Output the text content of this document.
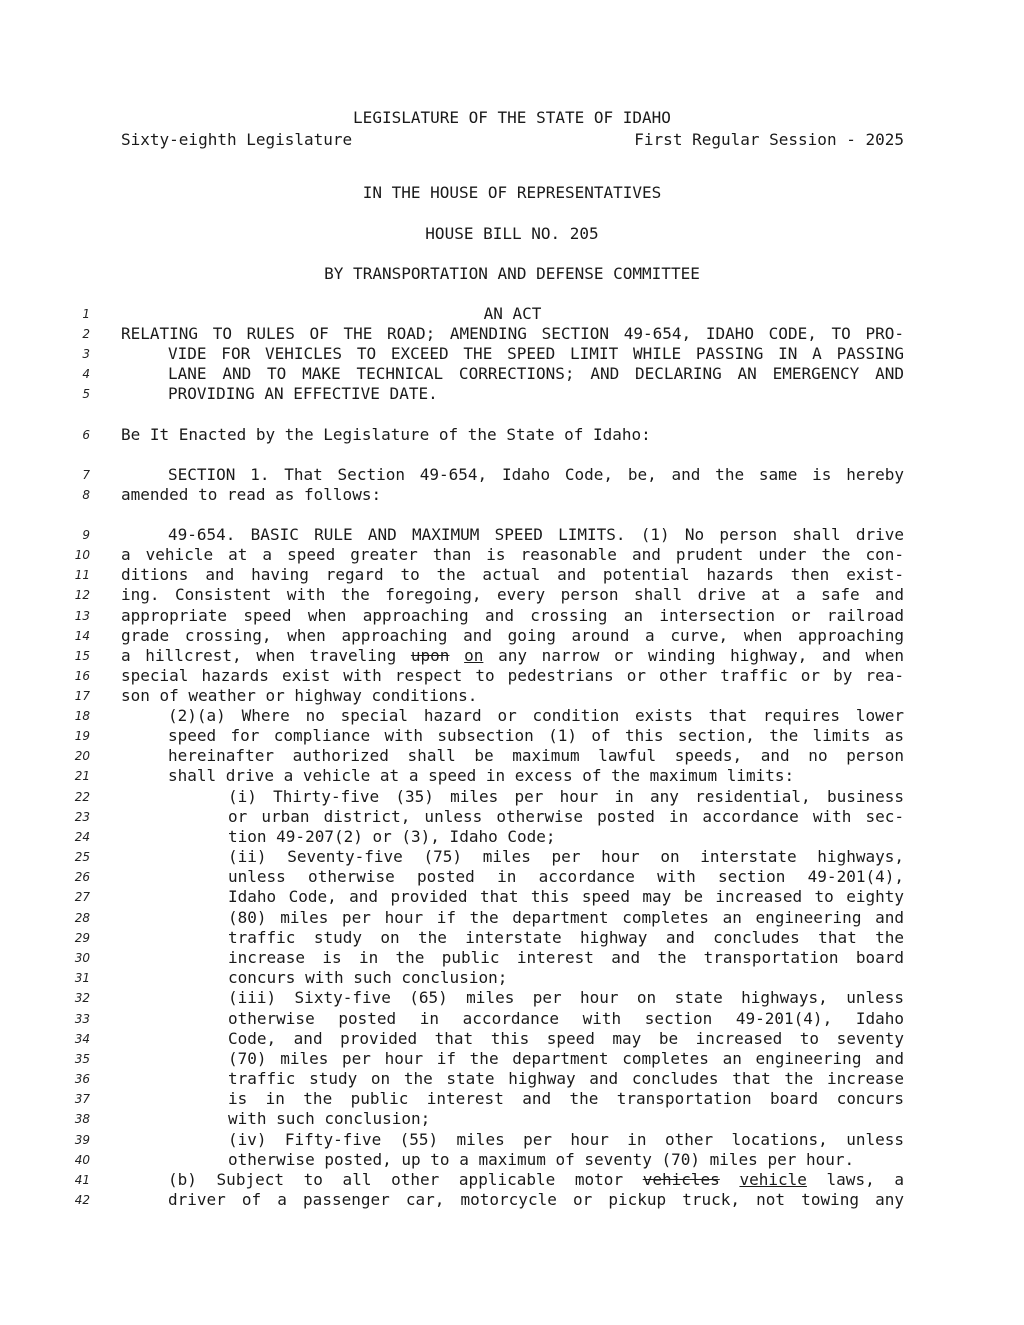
LEGISLATURE OF THE STATE OF IDAHO
Sixty-eighth Legislature	First Regular Session - 2025
IN THE HOUSE OF REPRESENTATIVES
HOUSE BILL NO. 205
BY TRANSPORTATION AND DEFENSE COMMITTEE
1	AN ACT
2 RELATING TO RULES OF THE ROAD; AMENDING SECTION 49-654, IDAHO CODE, TO PRO-
3	VIDE FOR VEHICLES TO EXCEED THE SPEED LIMIT WHILE PASSING IN A PASSING
4	LANE AND TO MAKE TECHNICAL CORRECTIONS; AND DECLARING AN EMERGENCY AND
5	PROVIDING AN EFFECTIVE DATE.
6 Be It Enacted by the Legislature of the State of Idaho:
7	SECTION 1. That Section 49-654, Idaho Code, be, and the same is hereby
8 amended to read as follows:
9	49-654. BASIC RULE AND MAXIMUM SPEED LIMITS. (1) No person shall drive
10 a vehicle at a speed greater than is reasonable and prudent under the con-
11 ditions and having regard to the actual and potential hazards then exist-
12 ing. Consistent with the foregoing, every person shall drive at a safe and
13 appropriate speed when approaching and crossing an intersection or railroad
14 grade crossing, when approaching and going around a curve, when approaching
15 a hillcrest, when traveling upon on any narrow or winding highway, and when
16 special hazards exist with respect to pedestrians or other traffic or by rea-
17 son of weather or highway conditions.
18	(2)(a) Where no special hazard or condition exists that requires lower
19	speed for compliance with subsection (1) of this section, the limits as
20	hereinafter authorized shall be maximum lawful speeds, and no person
21	shall drive a vehicle at a speed in excess of the maximum limits:
22	(i) Thirty-five (35) miles per hour in any residential, business
23	or urban district, unless otherwise posted in accordance with sec-
24	tion 49-207(2) or (3), Idaho Code;
25	(ii) Seventy-five (75) miles per hour on interstate highways,
26	unless otherwise posted in accordance with section 49-201(4),
27	Idaho Code, and provided that this speed may be increased to eighty
28	(80) miles per hour if the department completes an engineering and
29	traffic study on the interstate highway and concludes that the
30	increase is in the public interest and the transportation board
31	concurs with such conclusion;
32	(iii) Sixty-five (65) miles per hour on state highways, unless
33	otherwise posted in accordance with section 49-201(4), Idaho
34	Code, and provided that this speed may be increased to seventy
35	(70) miles per hour if the department completes an engineering and
36	traffic study on the state highway and concludes that the increase
37	is in the public interest and the transportation board concurs
38	with such conclusion;
39	(iv) Fifty-five (55) miles per hour in other locations, unless
40	otherwise posted, up to a maximum of seventy (70) miles per hour.
41	(b) Subject to all other applicable motor vehicles vehicle laws, a
42	driver of a passenger car, motorcycle or pickup truck, not towing any
